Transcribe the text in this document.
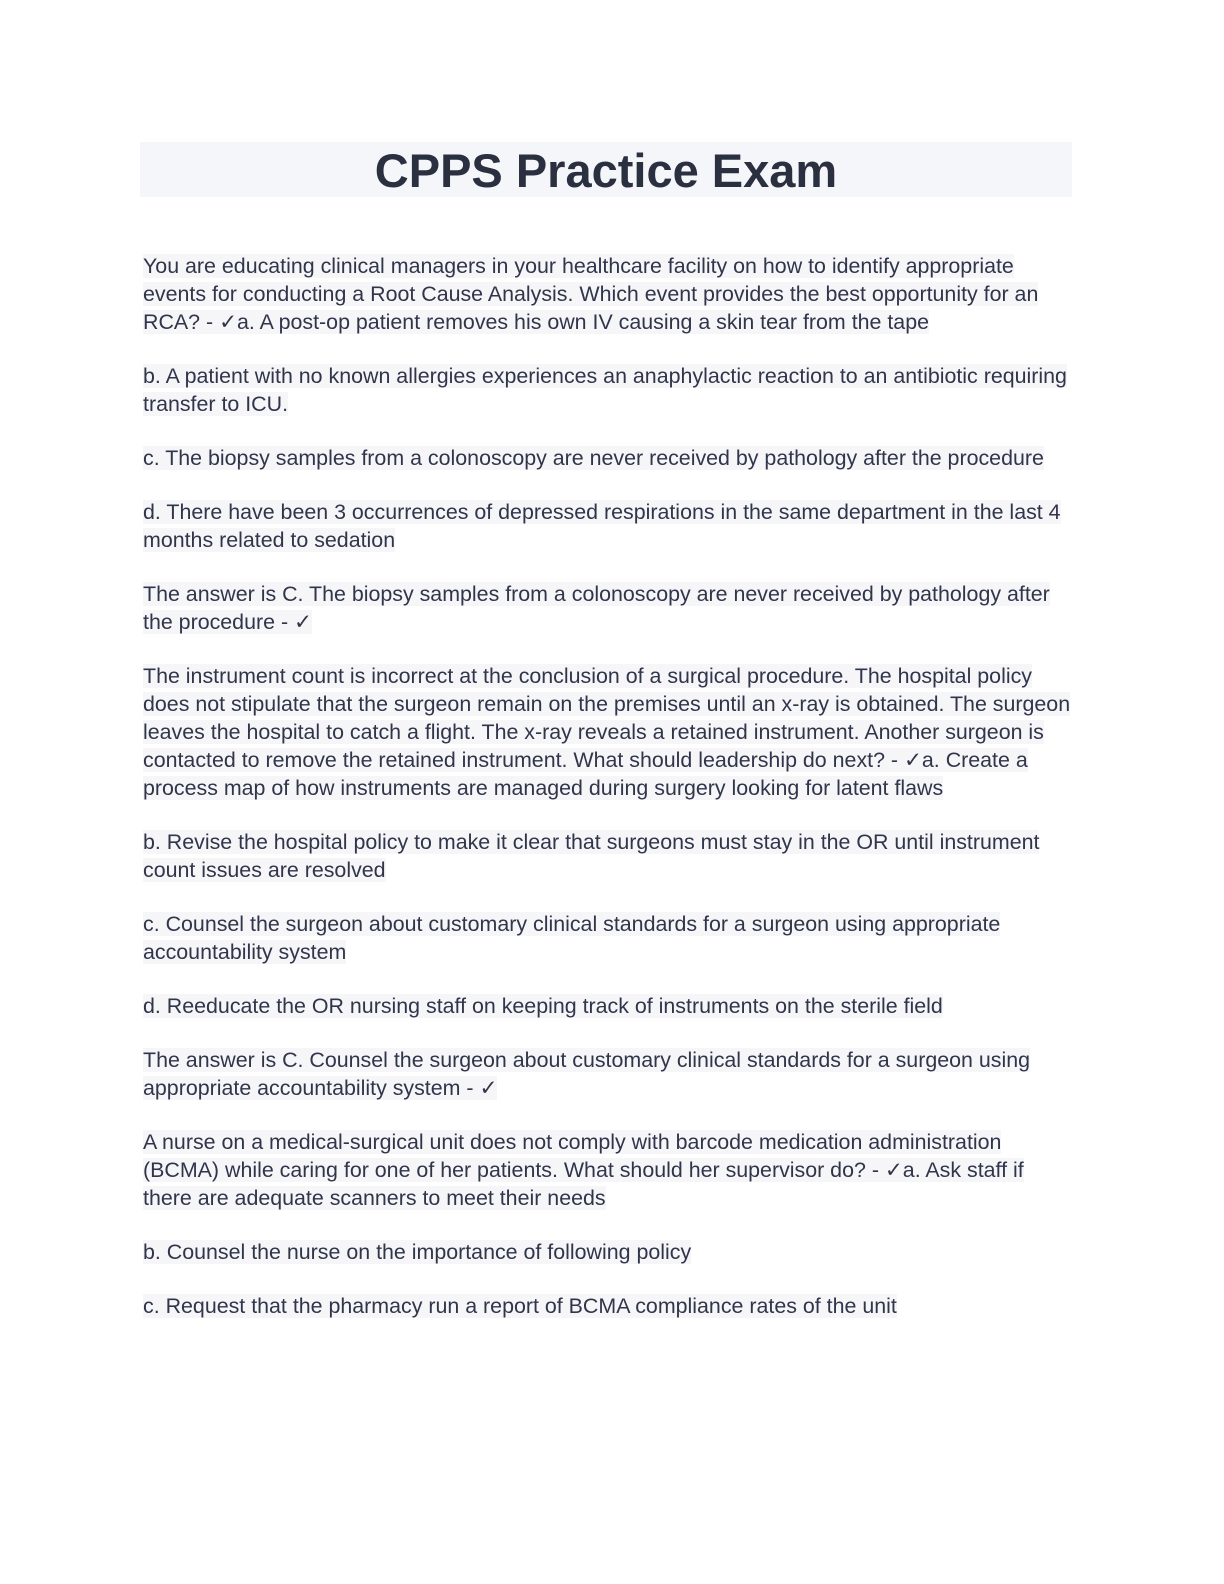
CPPS Practice Exam

You are educating clinical managers in your healthcare facility on how to identify appropriate events for conducting a Root Cause Analysis. Which event provides the best opportunity for an RCA? - ✓a. A post-op patient removes his own IV causing a skin tear from the tape

b. A patient with no known allergies experiences an anaphylactic reaction to an antibiotic requiring transfer to ICU.

c. The biopsy samples from a colonoscopy are never received by pathology after the procedure

d. There have been 3 occurrences of depressed respirations in the same department in the last 4 months related to sedation

The answer is C. The biopsy samples from a colonoscopy are never received by pathology after the procedure - ✓

The instrument count is incorrect at the conclusion of a surgical procedure. The hospital policy does not stipulate that the surgeon remain on the premises until an x-ray is obtained. The surgeon leaves the hospital to catch a flight. The x-ray reveals a retained instrument. Another surgeon is contacted to remove the retained instrument. What should leadership do next? - ✓a. Create a process map of how instruments are managed during surgery looking for latent flaws

b. Revise the hospital policy to make it clear that surgeons must stay in the OR until instrument count issues are resolved

c. Counsel the surgeon about customary clinical standards for a surgeon using appropriate accountability system

d. Reeducate the OR nursing staff on keeping track of instruments on the sterile field

The answer is C. Counsel the surgeon about customary clinical standards for a surgeon using appropriate accountability system - ✓

A nurse on a medical-surgical unit does not comply with barcode medication administration (BCMA) while caring for one of her patients. What should her supervisor do? - ✓a. Ask staff if there are adequate scanners to meet their needs

b. Counsel the nurse on the importance of following policy

c. Request that the pharmacy run a report of BCMA compliance rates of the unit
